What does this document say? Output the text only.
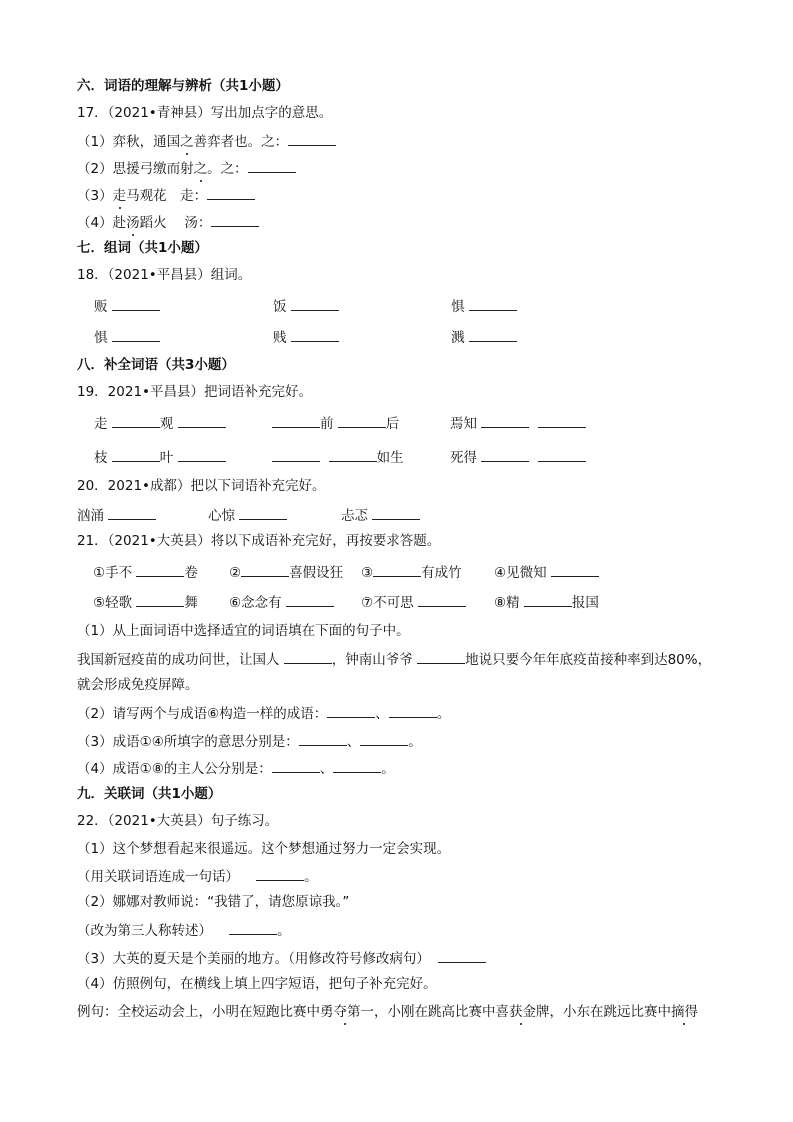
六．词语的理解与辨析（共1小题）
17．（2021•青神县）写出加点字的意思。
（1）弈秋，通国之善弈者也。之：
（2）思援弓缴而射之。之：
（3）走马观花　走：
（4）赴汤蹈火　 汤：
七．组词（共1小题）
18．（2021•平昌县）组词。
贩	饭	惧
惧	贱	溅
八．补全词语（共3小题）
19．2021•平昌县）把词语补充完好。
走	观	前	后	焉知
枝	叶	如生	死得
20．2021•成都）把以下词语补充完好。
汹涌	心惊	忐忑
21．（2021•大英县）将以下成语补充完好，再按要求答题。
①手不	卷 ②	喜假设狂 ③	有成竹 ④见微知
⑤轻歌	舞 ⑥念念有	⑦不可思	⑧精	报国
（1）从上面词语中选择适宜的词语填在下面的句子中。
我国新冠疫苗的成功问世，让国人	，钟南山爷爷	地说只要今年年底疫苗接种率到达80%，
就会形成免疫屏障。
（2）请写两个与成语⑥构造一样的成语：	、	。
（3）成语①④所填字的意思分别是：	、	。
（4）成语①⑧的主人公分别是：	、	。
九．关联词（共1小题）
22．（2021•大英县）句子练习。
（1）这个梦想看起来很遥远。这个梦想通过努力一定会实现。
（用关联词语连成一句话）	。
（2）娜娜对教师说：“我错了，请您原谅我。”
（改为第三人称转述）	。
（3）大英的夏天是个美丽的地方。（用修改符号修改病句）
（4）仿照例句，在横线上填上四字短语，把句子补充完好。
例句：全校运动会上，小明在短跑比赛中勇夺第一，小刚在跳高比赛中喜获金牌，小东在跳远比赛中摘得
